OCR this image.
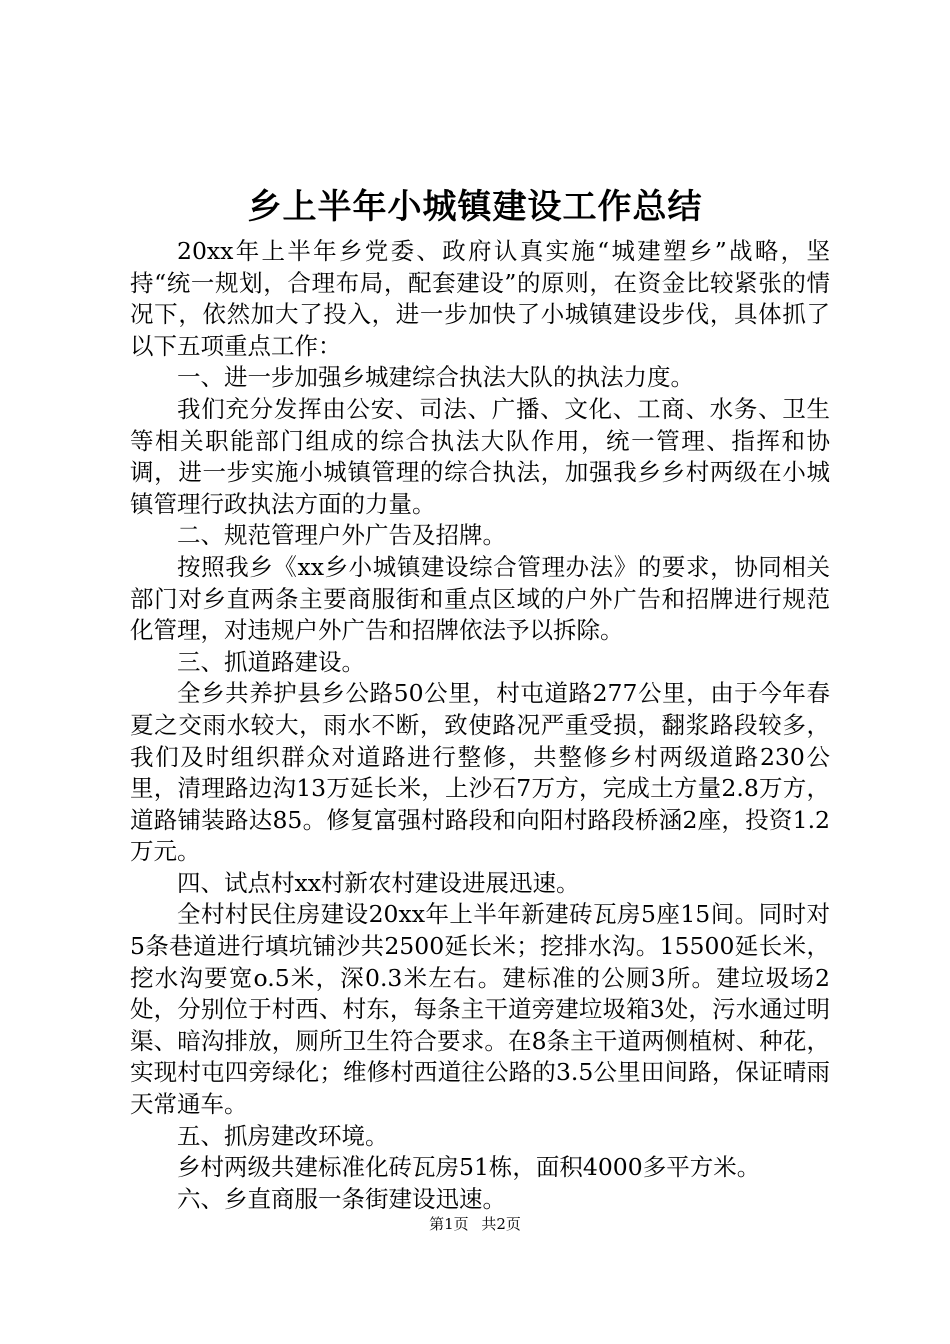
乡上半年小城镇建设工作总结

20xx年上半年乡党委、政府认真实施“城建塑乡”战略，坚持“统一规划，合理布局，配套建设”的原则，在资金比较紧张的情况下，依然加大了投入，进一步加快了小城镇建设步伐，具体抓了以下五项重点工作：

一、进一步加强乡城建综合执法大队的执法力度。

我们充分发挥由公安、司法、广播、文化、工商、水务、卫生等相关职能部门组成的综合执法大队作用，统一管理、指挥和协调，进一步实施小城镇管理的综合执法，加强我乡乡村两级在小城镇管理行政执法方面的力量。

二、规范管理户外广告及招牌。

按照我乡《xx乡小城镇建设综合管理办法》的要求，协同相关部门对乡直两条主要商服街和重点区域的户外广告和招牌进行规范化管理，对违规户外广告和招牌依法予以拆除。

三、抓道路建设。

全乡共养护县乡公路50公里，村屯道路277公里，由于今年春夏之交雨水较大，雨水不断，致使路况严重受损，翻浆路段较多，我们及时组织群众对道路进行整修，共整修乡村两级道路230公里，清理路边沟13万延长米，上沙石7万方，完成土方量2.8万方，道路铺装路达85。修复富强村路段和向阳村路段桥涵2座，投资1.2万元。

四、试点村xx村新农村建设进展迅速。

全村村民住房建设20xx年上半年新建砖瓦房5座15间。同时对5条巷道进行填坑铺沙共2500延长米；挖排水沟。15500延长米，挖水沟要宽o.5米，深0.3米左右。建标准的公厕3所。建垃圾场2处，分别位于村西、村东，每条主干道旁建垃圾箱3处，污水通过明渠、暗沟排放，厕所卫生符合要求。在8条主干道两侧植树、种花，实现村屯四旁绿化；维修村西道往公路的3.5公里田间路，保证晴雨天常通车。

五、抓房建改环境。

乡村两级共建标准化砖瓦房51栋，面积4000多平方米。

六、乡直商服一条街建设迅速。

第1页 共2页
